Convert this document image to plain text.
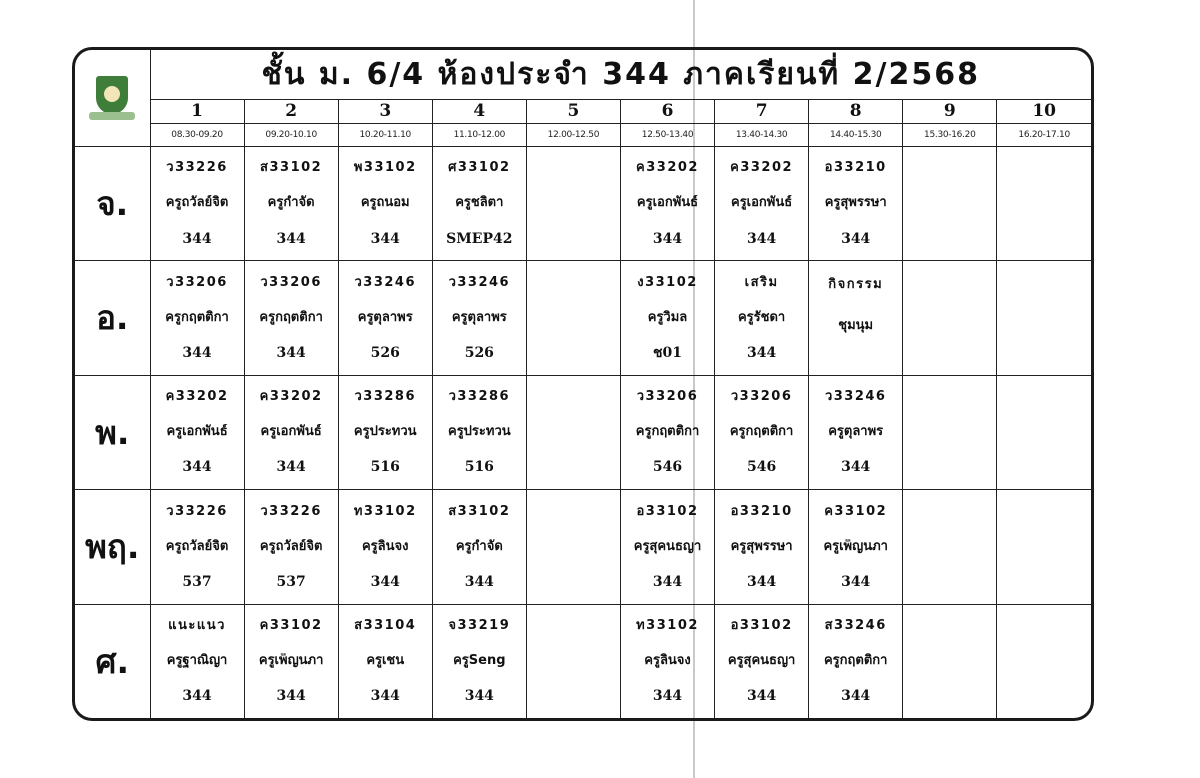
	ชั้น ม. 6/4 ห้องประจำ 344 ภาคเรียนที่ 2/2568									
	1	2	3	4	5	6	7	8	9	10
	08.30-09.20	09.20-10.10	10.20-11.10	11.10-12.00	12.00-12.50	12.50-13.40	13.40-14.30	14.40-15.30	15.30-16.20	16.20-17.10
จ.	ว33226
ครูถวัลย์จิต
344	ส33102
ครูกำจัด
344	พ33102
ครูถนอม
344	ศ33102
ครูชลิตา
SMEP42		ค33202
ครูเอกพันธ์
344	ค33202
ครูเอกพันธ์
344	อ33210
ครูสุพรรษา
344		

อ.	ว33206
ครูกฤตติกา
344	ว33206
ครูกฤตติกา
344	ว33246
ครูตุลาพร
526	ว33246
ครูตุลาพร
526		ง33102
ครูวิมล
ช01	เสริม
ครูรัชดา
344	กิจกรรม
ชุมนุม		

พ.	ค33202
ครูเอกพันธ์
344	ค33202
ครูเอกพันธ์
344	ว33286
ครูประทวน
516	ว33286
ครูประทวน
516		ว33206
ครูกฤตติกา
546	ว33206
ครูกฤตติกา
546	ว33246
ครูตุลาพร
344		

พฤ.	ว33226
ครูถวัลย์จิต
537	ว33226
ครูถวัลย์จิต
537	ท33102
ครูลินจง
344	ส33102
ครูกำจัด
344		อ33102
ครูสุคนธญา
344	อ33210
ครูสุพรรษา
344	ค33102
ครูเพ็ญนภา
344		

ศ.	แนะแนว
ครูฐาณิญา
344	ค33102
ครูเพ็ญนภา
344	ส33104
ครูเชน
344	จ33219
ครูSeng
344		ท33102
ครูลินจง
344	อ33102
ครูสุคนธญา
344	ส33246
ครูกฤตติกา
344		
